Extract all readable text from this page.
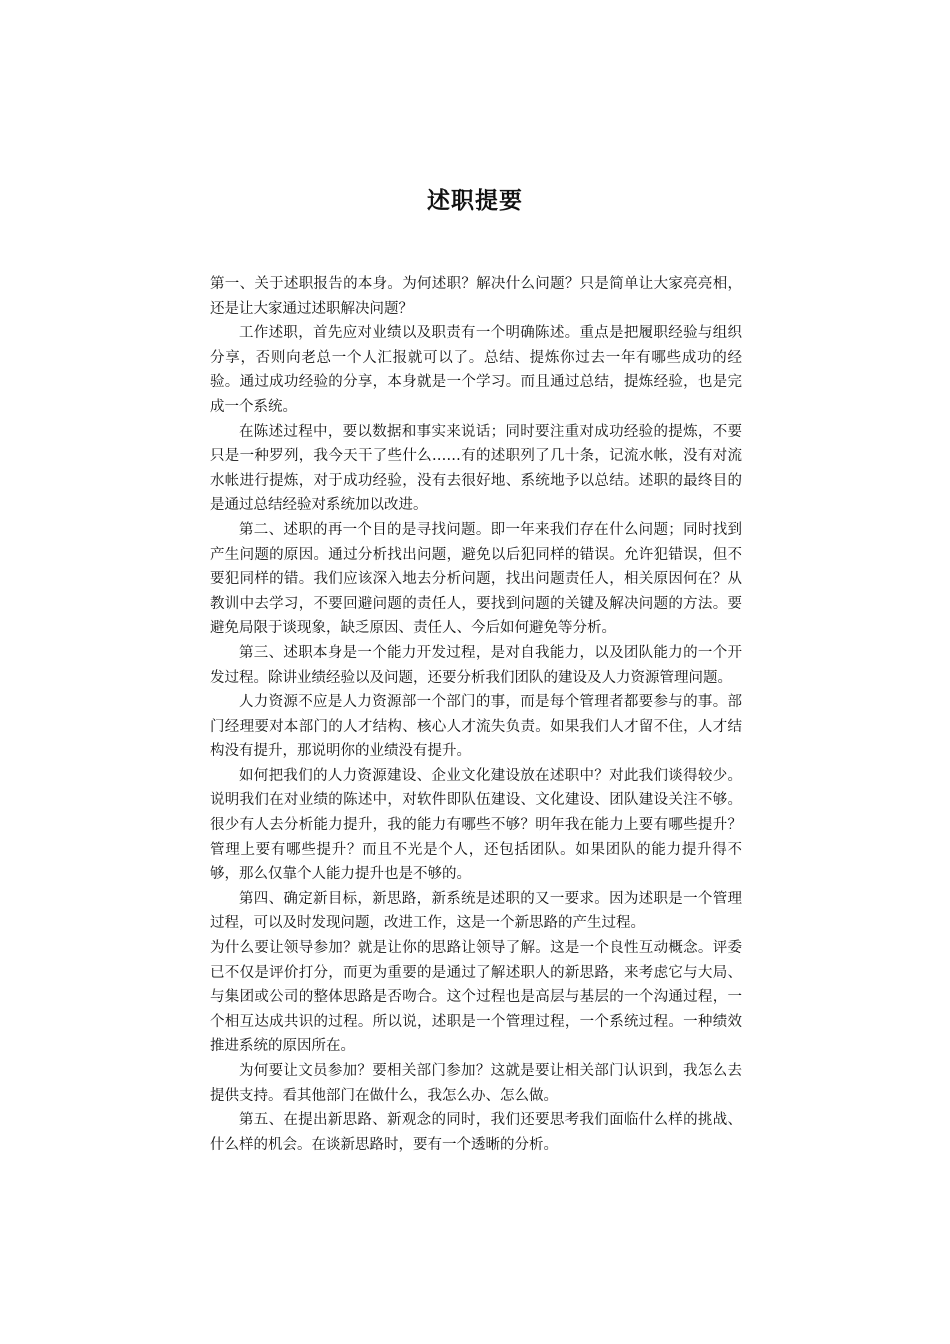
述职提要

第一、关于述职报告的本身。为何述职？解决什么问题？只是简单让大家亮亮相，还是让大家通过述职解决问题？

工作述职，首先应对业绩以及职责有一个明确陈述。重点是把履职经验与组织分享，否则向老总一个人汇报就可以了。总结、提炼你过去一年有哪些成功的经验。通过成功经验的分享，本身就是一个学习。而且通过总结，提炼经验，也是完成一个系统。

在陈述过程中，要以数据和事实来说话；同时要注重对成功经验的提炼，不要只是一种罗列，我今天干了些什么……有的述职列了几十条，记流水帐，没有对流水帐进行提炼，对于成功经验，没有去很好地、系统地予以总结。述职的最终目的是通过总结经验对系统加以改进。

第二、述职的再一个目的是寻找问题。即一年来我们存在什么问题；同时找到产生问题的原因。通过分析找出问题，避免以后犯同样的错误。允许犯错误，但不要犯同样的错。我们应该深入地去分析问题，找出问题责任人，相关原因何在？从教训中去学习，不要回避问题的责任人，要找到问题的关键及解决问题的方法。要避免局限于谈现象，缺乏原因、责任人、今后如何避免等分析。

第三、述职本身是一个能力开发过程，是对自我能力，以及团队能力的一个开发过程。除讲业绩经验以及问题，还要分析我们团队的建设及人力资源管理问题。

人力资源不应是人力资源部一个部门的事，而是每个管理者都要参与的事。部门经理要对本部门的人才结构、核心人才流失负责。如果我们人才留不住，人才结构没有提升，那说明你的业绩没有提升。

如何把我们的人力资源建设、企业文化建设放在述职中？对此我们谈得较少。说明我们在对业绩的陈述中，对软件即队伍建设、文化建设、团队建设关注不够。很少有人去分析能力提升，我的能力有哪些不够？明年我在能力上要有哪些提升？管理上要有哪些提升？而且不光是个人，还包括团队。如果团队的能力提升得不够，那么仅靠个人能力提升也是不够的。

第四、确定新目标，新思路，新系统是述职的又一要求。因为述职是一个管理过程，可以及时发现问题，改进工作，这是一个新思路的产生过程。

为什么要让领导参加？就是让你的思路让领导了解。这是一个良性互动概念。评委已不仅是评价打分，而更为重要的是通过了解述职人的新思路，来考虑它与大局、与集团或公司的整体思路是否吻合。这个过程也是高层与基层的一个沟通过程，一个相互达成共识的过程。所以说，述职是一个管理过程，一个系统过程。一种绩效推进系统的原因所在。

为何要让文员参加？要相关部门参加？这就是要让相关部门认识到，我怎么去提供支持。看其他部门在做什么，我怎么办、怎么做。

第五、在提出新思路、新观念的同时，我们还要思考我们面临什么样的挑战、什么样的机会。在谈新思路时，要有一个透晰的分析。
